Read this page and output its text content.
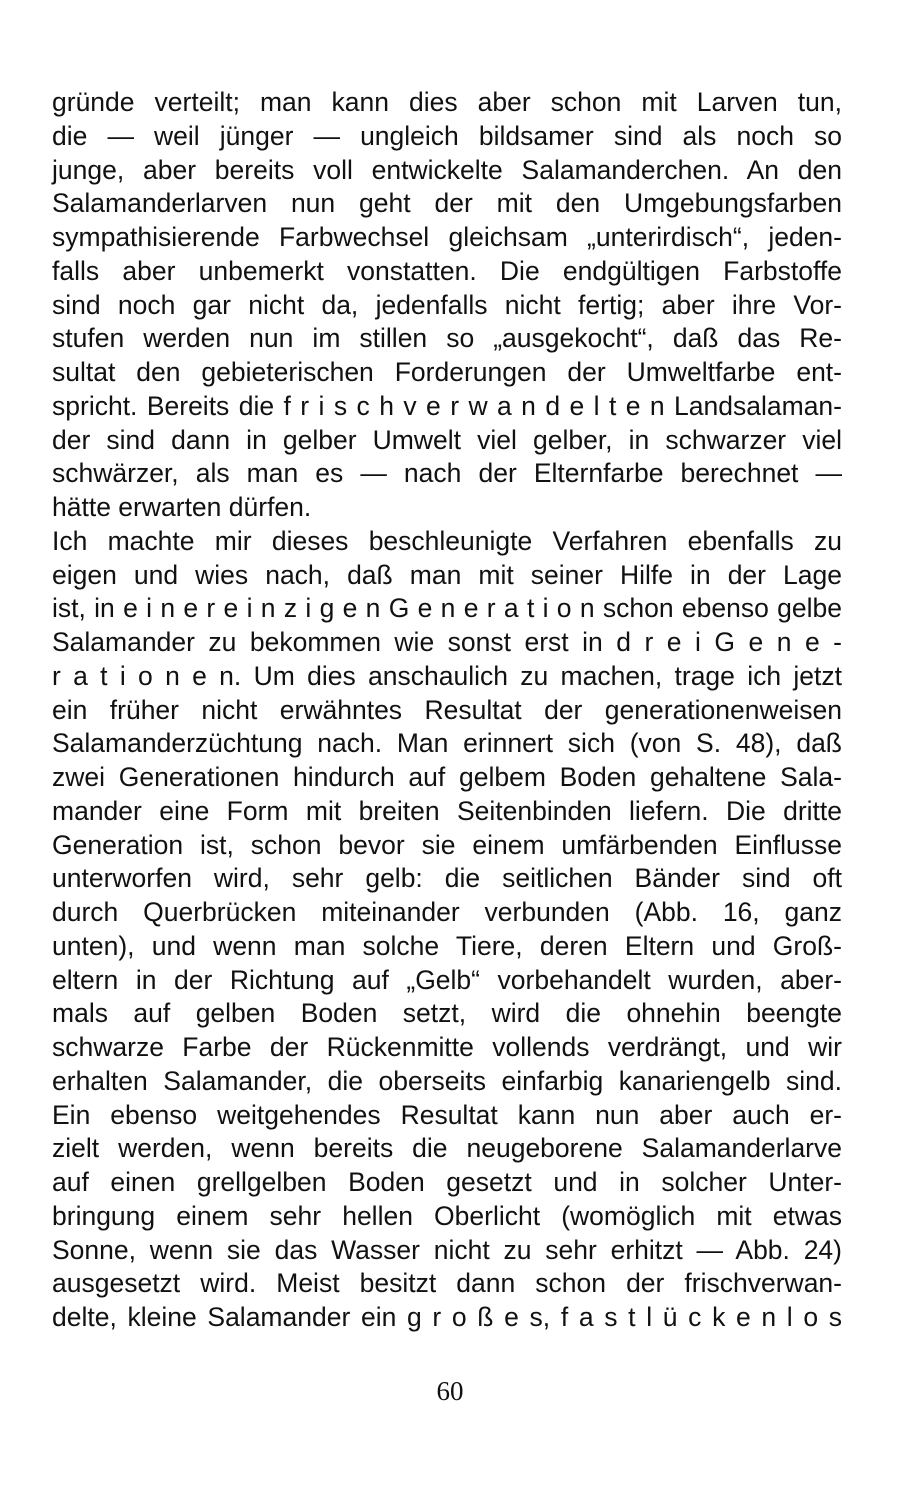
gründe verteilt; man kann dies aber schon mit Larven tun,
die — weil jünger — ungleich bildsamer sind als noch so
junge, aber bereits voll entwickelte Salamanderchen. An den
Salamanderlarven nun geht der mit den Umgebungsfarben
sympathisierende Farbwechsel gleichsam „unterirdisch“, jeden-
falls aber unbemerkt vonstatten. Die endgültigen Farbstoffe
sind noch gar nicht da, jedenfalls nicht fertig; aber ihre Vor-
stufen werden nun im stillen so „ausgekocht“, daß das Re-
sultat den gebieterischen Forderungen der Umweltfarbe ent-
spricht. Bereits die f r i s c h v e r w a n d e l t e n Landsalaman-
der sind dann in gelber Umwelt viel gelber, in schwarzer viel
schwärzer, als man es — nach der Elternfarbe berechnet —
hätte erwarten dürfen.
Ich machte mir dieses beschleunigte Verfahren ebenfalls zu
eigen und wies nach, daß man mit seiner Hilfe in der Lage
ist, in e i n e r e i n z i g e n G e n e r a t i o n schon ebenso gelbe
Salamander zu bekommen wie sonst erst in d r e i G e n e -
r a t i o n e n. Um dies anschaulich zu machen, trage ich jetzt
ein früher nicht erwähntes Resultat der generationenweisen
Salamanderzüchtung nach. Man erinnert sich (von S. 48), daß
zwei Generationen hindurch auf gelbem Boden gehaltene Sala-
mander eine Form mit breiten Seitenbinden liefern. Die dritte
Generation ist, schon bevor sie einem umfärbenden Einflusse
unterworfen wird, sehr gelb: die seitlichen Bänder sind oft
durch Querbrücken miteinander verbunden (Abb. 16, ganz
unten), und wenn man solche Tiere, deren Eltern und Groß-
eltern in der Richtung auf „Gelb“ vorbehandelt wurden, aber-
mals auf gelben Boden setzt, wird die ohnehin beengte
schwarze Farbe der Rückenmitte vollends verdrängt, und wir
erhalten Salamander, die oberseits einfarbig kanariengelb sind.
Ein ebenso weitgehendes Resultat kann nun aber auch er-
zielt werden, wenn bereits die neugeborene Salamanderlarve
auf einen grellgelben Boden gesetzt und in solcher Unter-
bringung einem sehr hellen Oberlicht (womöglich mit etwas
Sonne, wenn sie das Wasser nicht zu sehr erhitzt — Abb. 24)
ausgesetzt wird. Meist besitzt dann schon der frischverwan-
delte, kleine Salamander ein g r o ß e s, f a s t l ü c k e n l o s
60
